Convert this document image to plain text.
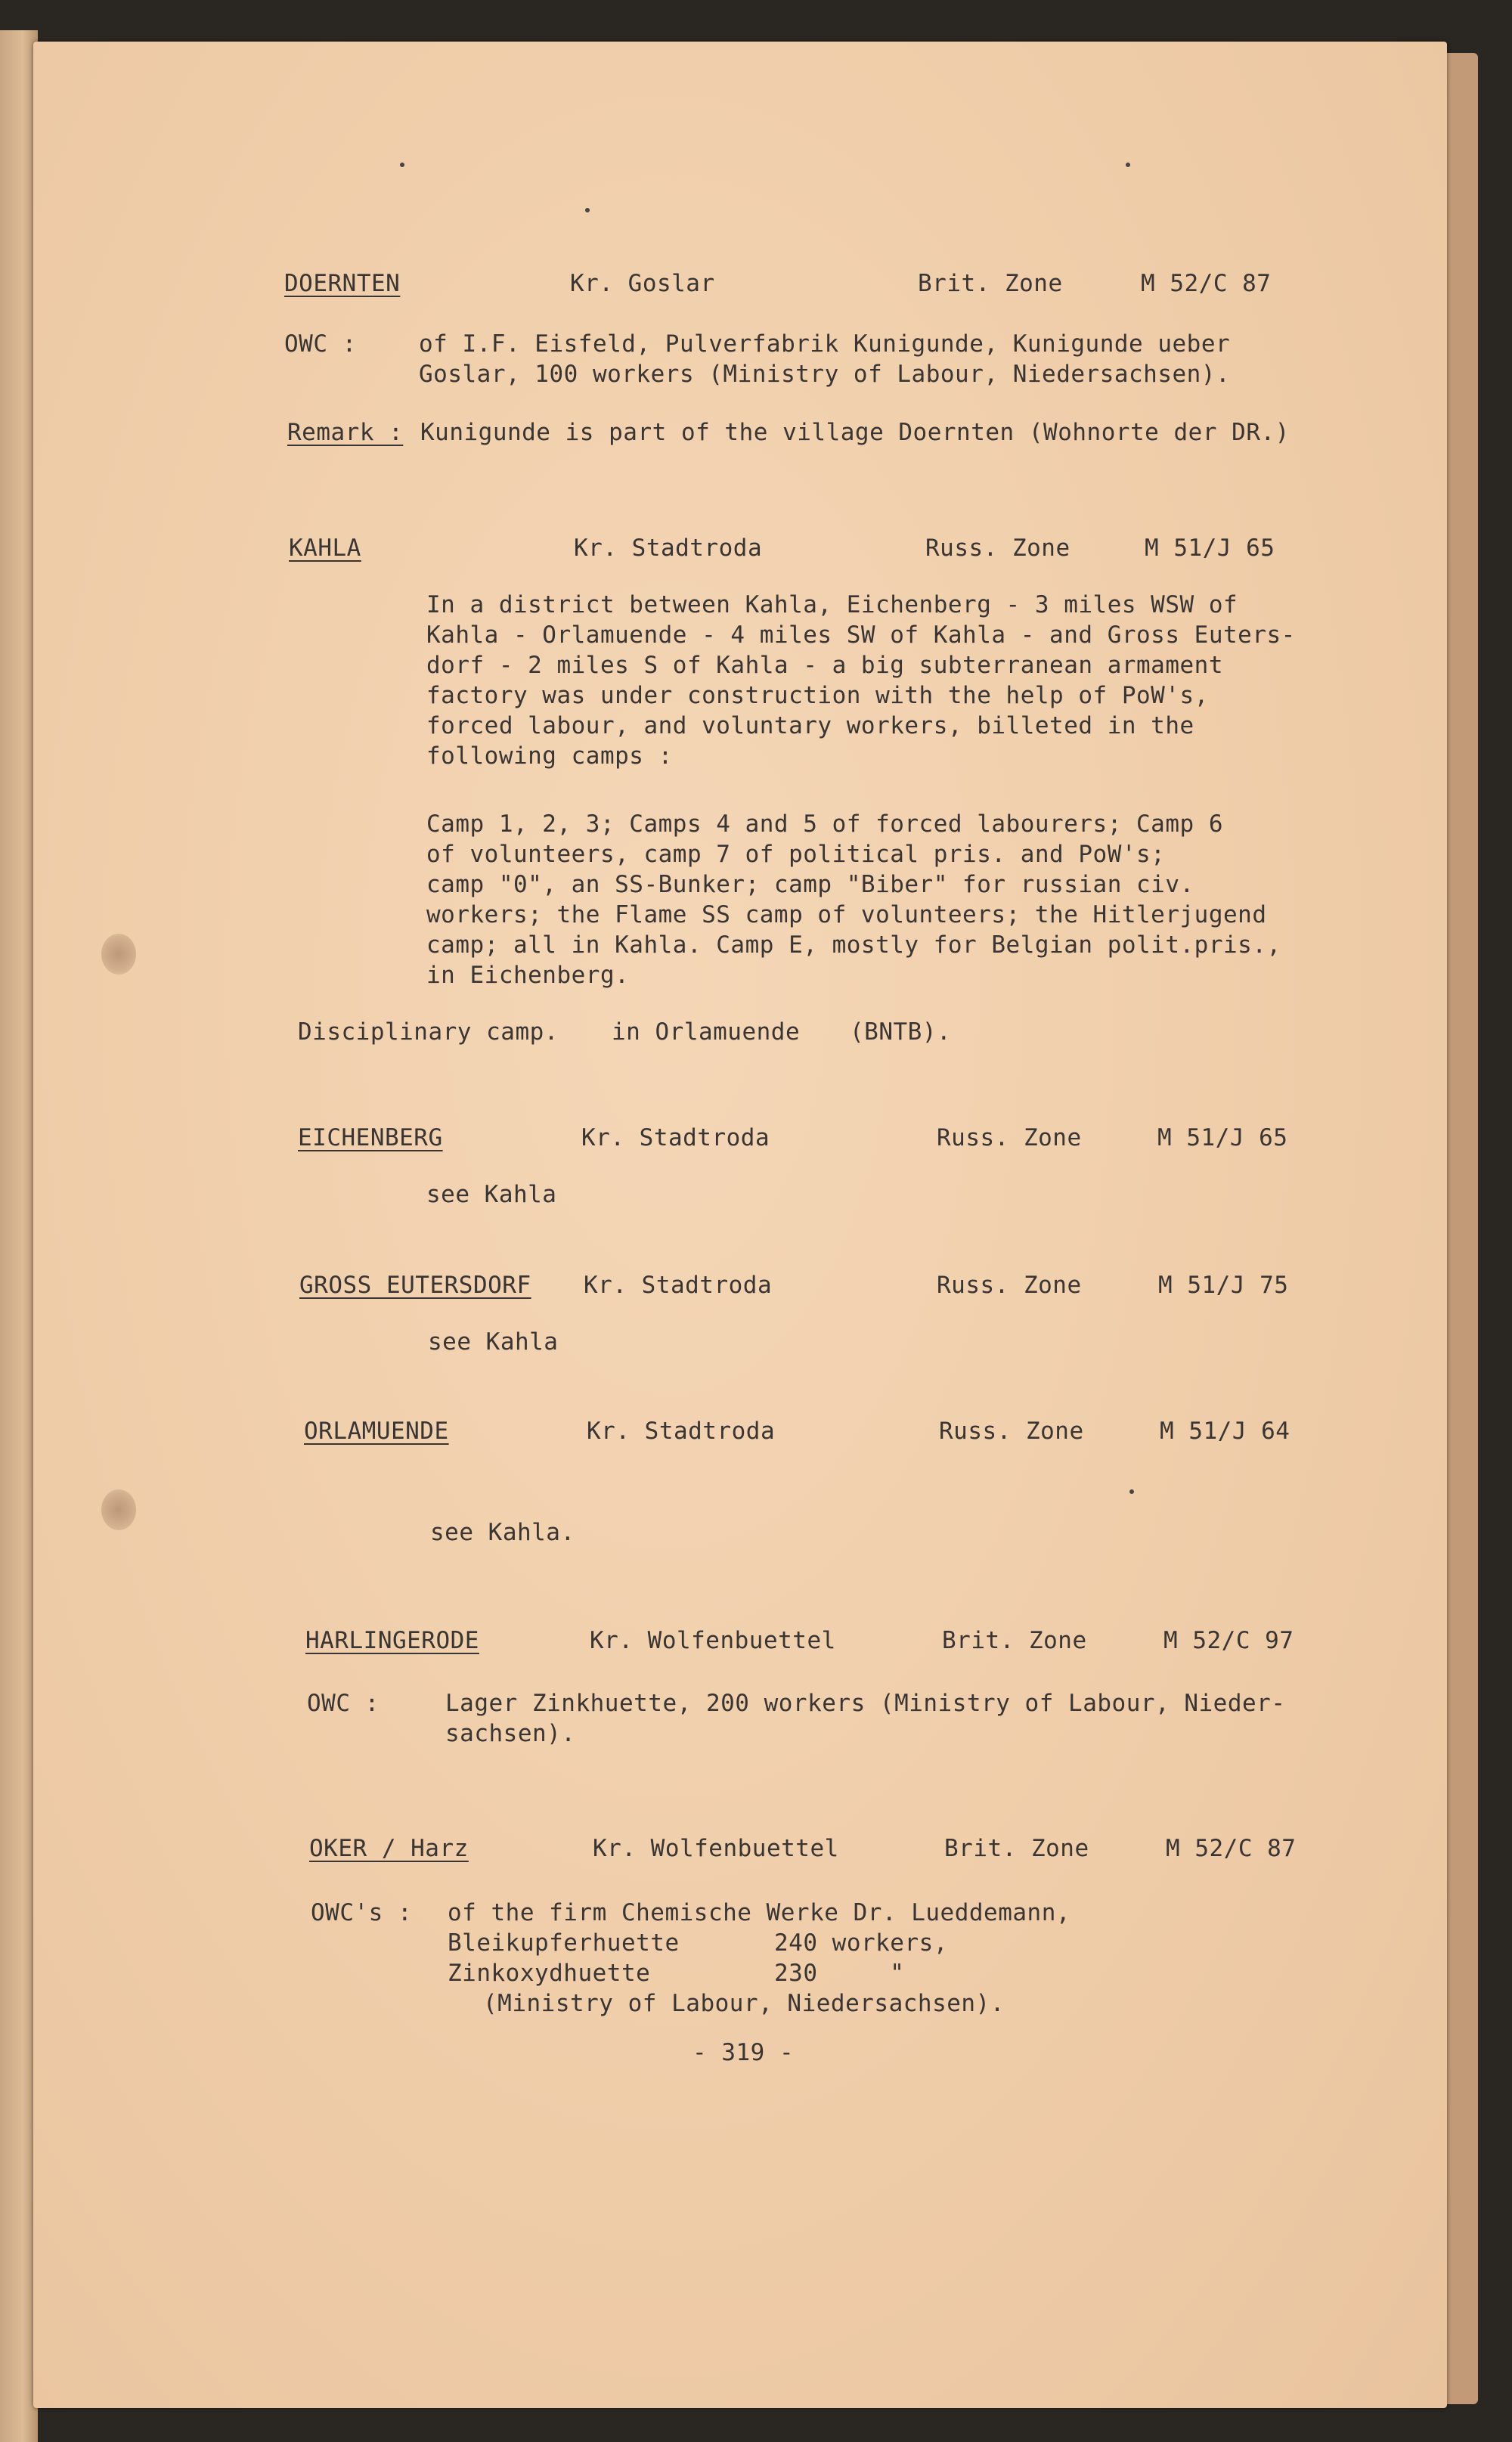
DOERNTEN	Kr. Goslar	Brit. Zone	M 52/C 87
OWC :	of I.F. Eisfeld, Pulverfabrik Kunigunde, Kunigunde ueber
Goslar, 100 workers (Ministry of Labour, Niedersachsen).
Remark : Kunigunde is part of the village Doernten (Wohnorte der DR.)
KAHLA	Kr. Stadtroda	Russ. Zone	M 51/J 65
In a district between Kahla, Eichenberg - 3 miles WSW of
Kahla - Orlamuende - 4 miles SW of Kahla - and Gross Euters-
dorf - 2 miles S of Kahla - a big subterranean armament
factory was under construction with the help of PoW's,
forced labour, and voluntary workers, billeted in the
following camps :
Camp 1, 2, 3; Camps 4 and 5 of forced labourers; Camp 6
of volunteers, camp 7 of political pris. and PoW's;
camp "0", an SS-Bunker; camp "Biber" for russian civ.
workers; the Flame SS camp of volunteers; the Hitlerjugend
camp; all in Kahla. Camp E, mostly for Belgian polit.pris.,
in Eichenberg.
Disciplinary camp. in Orlamuende (BNTB).
EICHENBERG	Kr. Stadtroda	Russ. Zone	M 51/J 65
see Kahla
GROSS EUTERSDORF Kr. Stadtroda	Russ. Zone	M 51/J 75
see Kahla
ORLAMUENDE	Kr. Stadtroda	Russ. Zone	M 51/J 64
see Kahla.
HARLINGERODE	Kr. Wolfenbuettel	Brit. Zone	M 52/C 97
OWC :	Lager Zinkhuette, 200 workers (Ministry of Labour, Nieder-
sachsen).
OKER / Harz	Kr. Wolfenbuettel	Brit. Zone	M 52/C 87
OWC's : of the firm Chemische Werke Dr. Lueddemann,
Bleikupferhuette	240 workers,
Zinkoxydhuette	230     "
(Ministry of Labour, Niedersachsen).
- 319 -
